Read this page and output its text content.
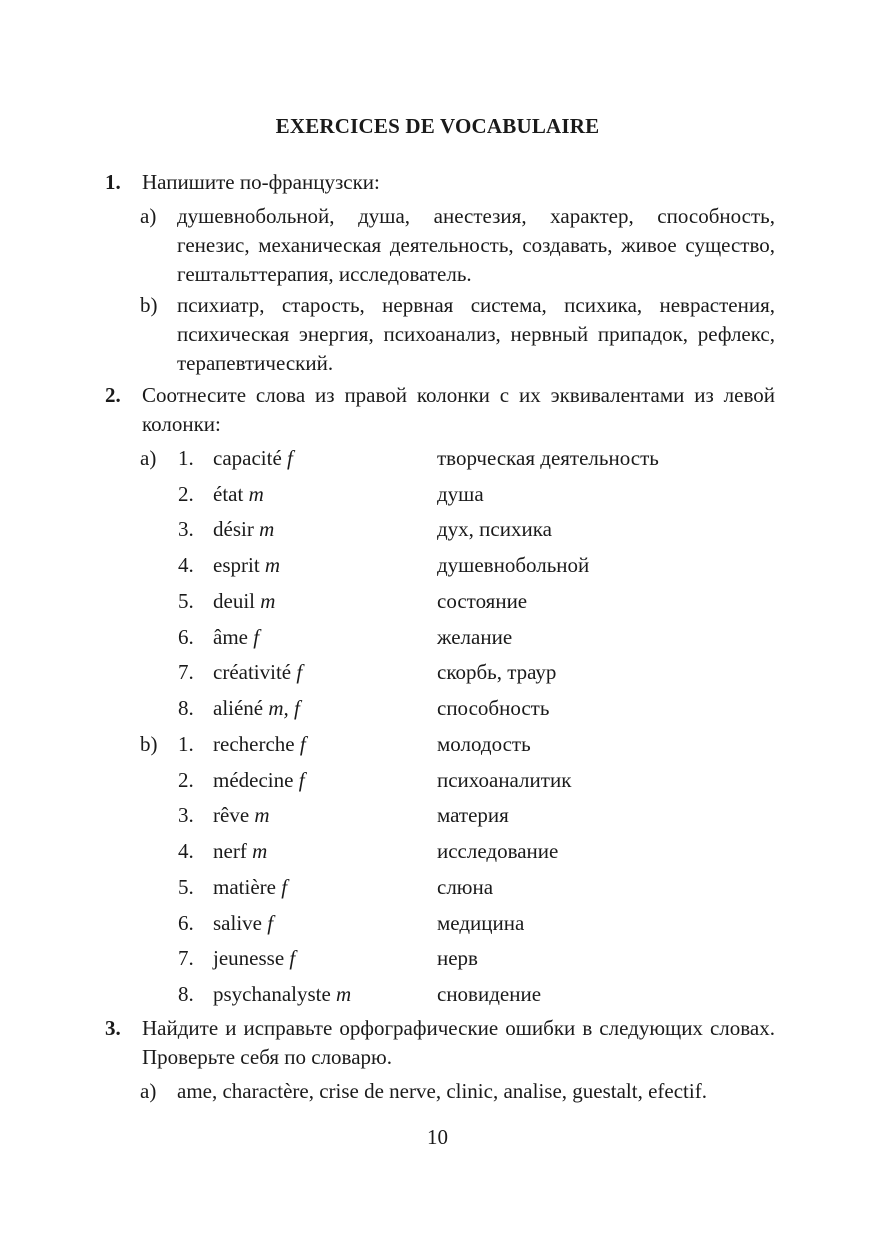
EXERCICES DE VOCABULAIRE
1.	Напишите по-французски:
a) душевнобольной, душа, анестезия, характер, способность, генезис, механическая деятельность, создавать, живое существо, гештальттерапия, исследователь.
b) психиатр, старость, нервная система, психика, неврастения, психическая энергия, психоанализ, нервный припадок, рефлекс, терапевтический.
2.	Соотнесите слова из правой колонки с их эквивалентами из левой колонки:
a) 1. capacité f	творческая деятельность
2. état m	душа
3. désir m	дух, психика
4. esprit m	душевнобольной
5. deuil m	состояние
6. âme f	желание
7. créativité f	скорбь, траур
8. aliéné m, f	способность
b) 1. recherche f	молодость
2. médecine f	психоаналитик
3. rêve m	материя
4. nerf m	исследование
5. matière f	слюна
6. salive f	медицина
7. jeunesse f	нерв
8. psychanalyste m	сновидение
3.	Найдите и исправьте орфографические ошибки в следующих словах. Проверьте себя по словарю.
a) ame, charactère, crise de nerve, clinic, analise, guestalt, efectif.
10
